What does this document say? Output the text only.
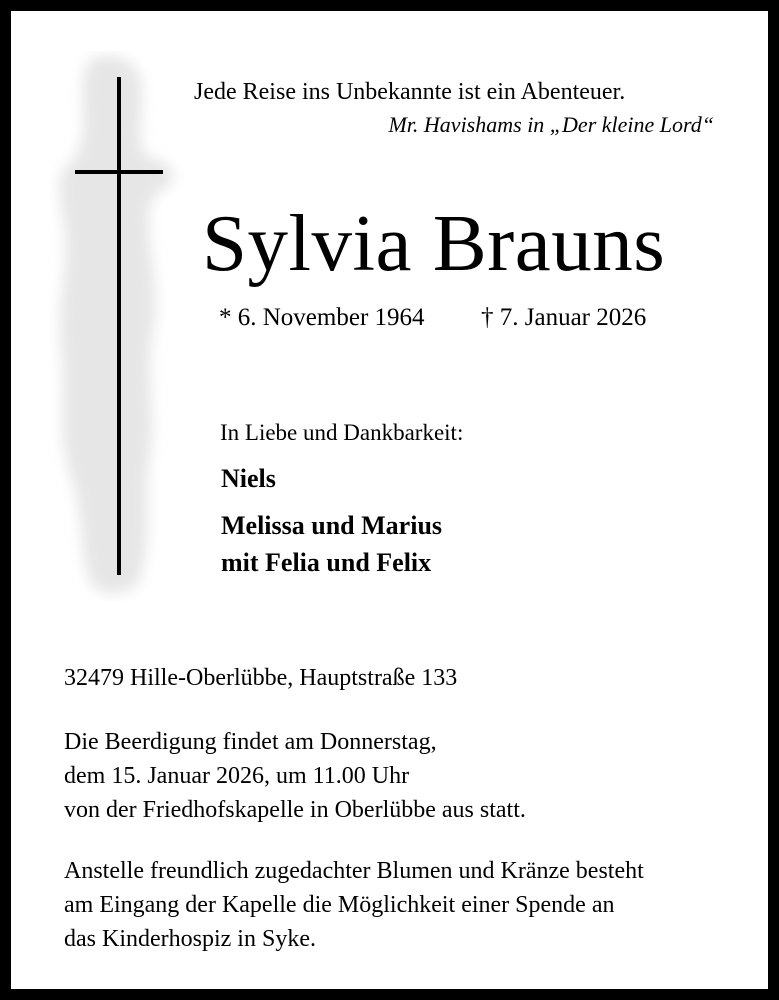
Jede Reise ins Unbekannte ist ein Abenteuer.
Mr. Havishams in „Der kleine Lord“
Sylvia Brauns
* 6. November 1964 † 7. Januar 2026
In Liebe und Dankbarkeit:
Niels
Melissa und Marius
mit Felia und Felix
32479 Hille-Oberlübbe, Hauptstraße 133
Die Beerdigung findet am Donnerstag,
dem 15. Januar 2026, um 11.00 Uhr
von der Friedhofskapelle in Oberlübbe aus statt.
Anstelle freundlich zugedachter Blumen und Kränze besteht
am Eingang der Kapelle die Möglichkeit einer Spende an
das Kinderhospiz in Syke.
